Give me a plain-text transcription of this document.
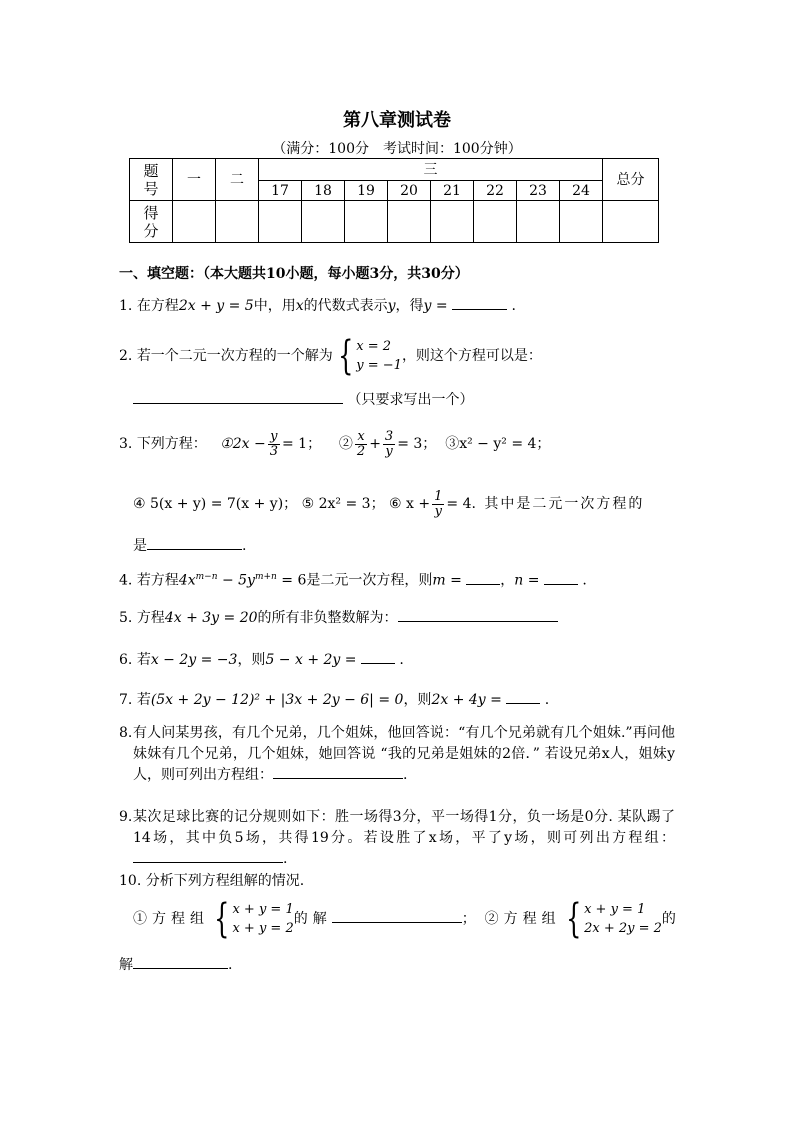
第八章测试卷
（满分：100分　考试时间：100分钟）
题号	一	二	三								总分
			17	18	19	20	21	22	23	24	
得分											
一、填空题：（本大题共10小题，每小题3分，共30分）
1. 在方程2x + y = 5中，用x的代数式表示y，得y =	.
2. 若一个二元一次方程的一个解为 { x = 2
y = −1
，则这个方程可以是：
（只要求写出一个）
3. 下列方程： ①2x − $\frac{y}{3} = 1$； ② $\frac{x}{2} + \frac{3}{y} = 3$； ③x² − y² = 4；
④ 5(x + y) = 7(x + y)； ⑤ 2x² = 3； ⑥ $x + \frac{1}{y} = 4$. 其中是二元一次方程的
是	.
4. 若方程$4x^{m-n} - 5y^{m+n} = 6$是二元一次方程，则m =	，n =	.
5. 方程4x + 3y = 20的所有非负整数解为：
6. 若x − 2y = −3，则5 − x + 2y =	.
7. 若(5x + 2y − 12)² + |3x + 2y − 6| = 0，则2x + 4y =	.
8. 有人问某男孩，有几个兄弟，几个姐妹，他回答说：“有几个兄弟就有几个姐妹.”再问他妹妹有几个兄弟，几个姐妹，她回答说 “我的兄弟是姐妹的2倍．” 若设兄弟x人，姐妹y人，则可列出方程组：	.
9. 某次足球比赛的记分规则如下：胜一场得3分，平一场得1分，负一场是0分. 某队踢了14场，其中负5场，共得19分。若设胜了x场，平了y场，则可列出方程组：.
10. 分析下列方程组解的情况.
①方程组 { x + y = 1
x + y = 2
的解	； ②方程组 { x + y = 1
2x + 2y = 2
的
解	.
